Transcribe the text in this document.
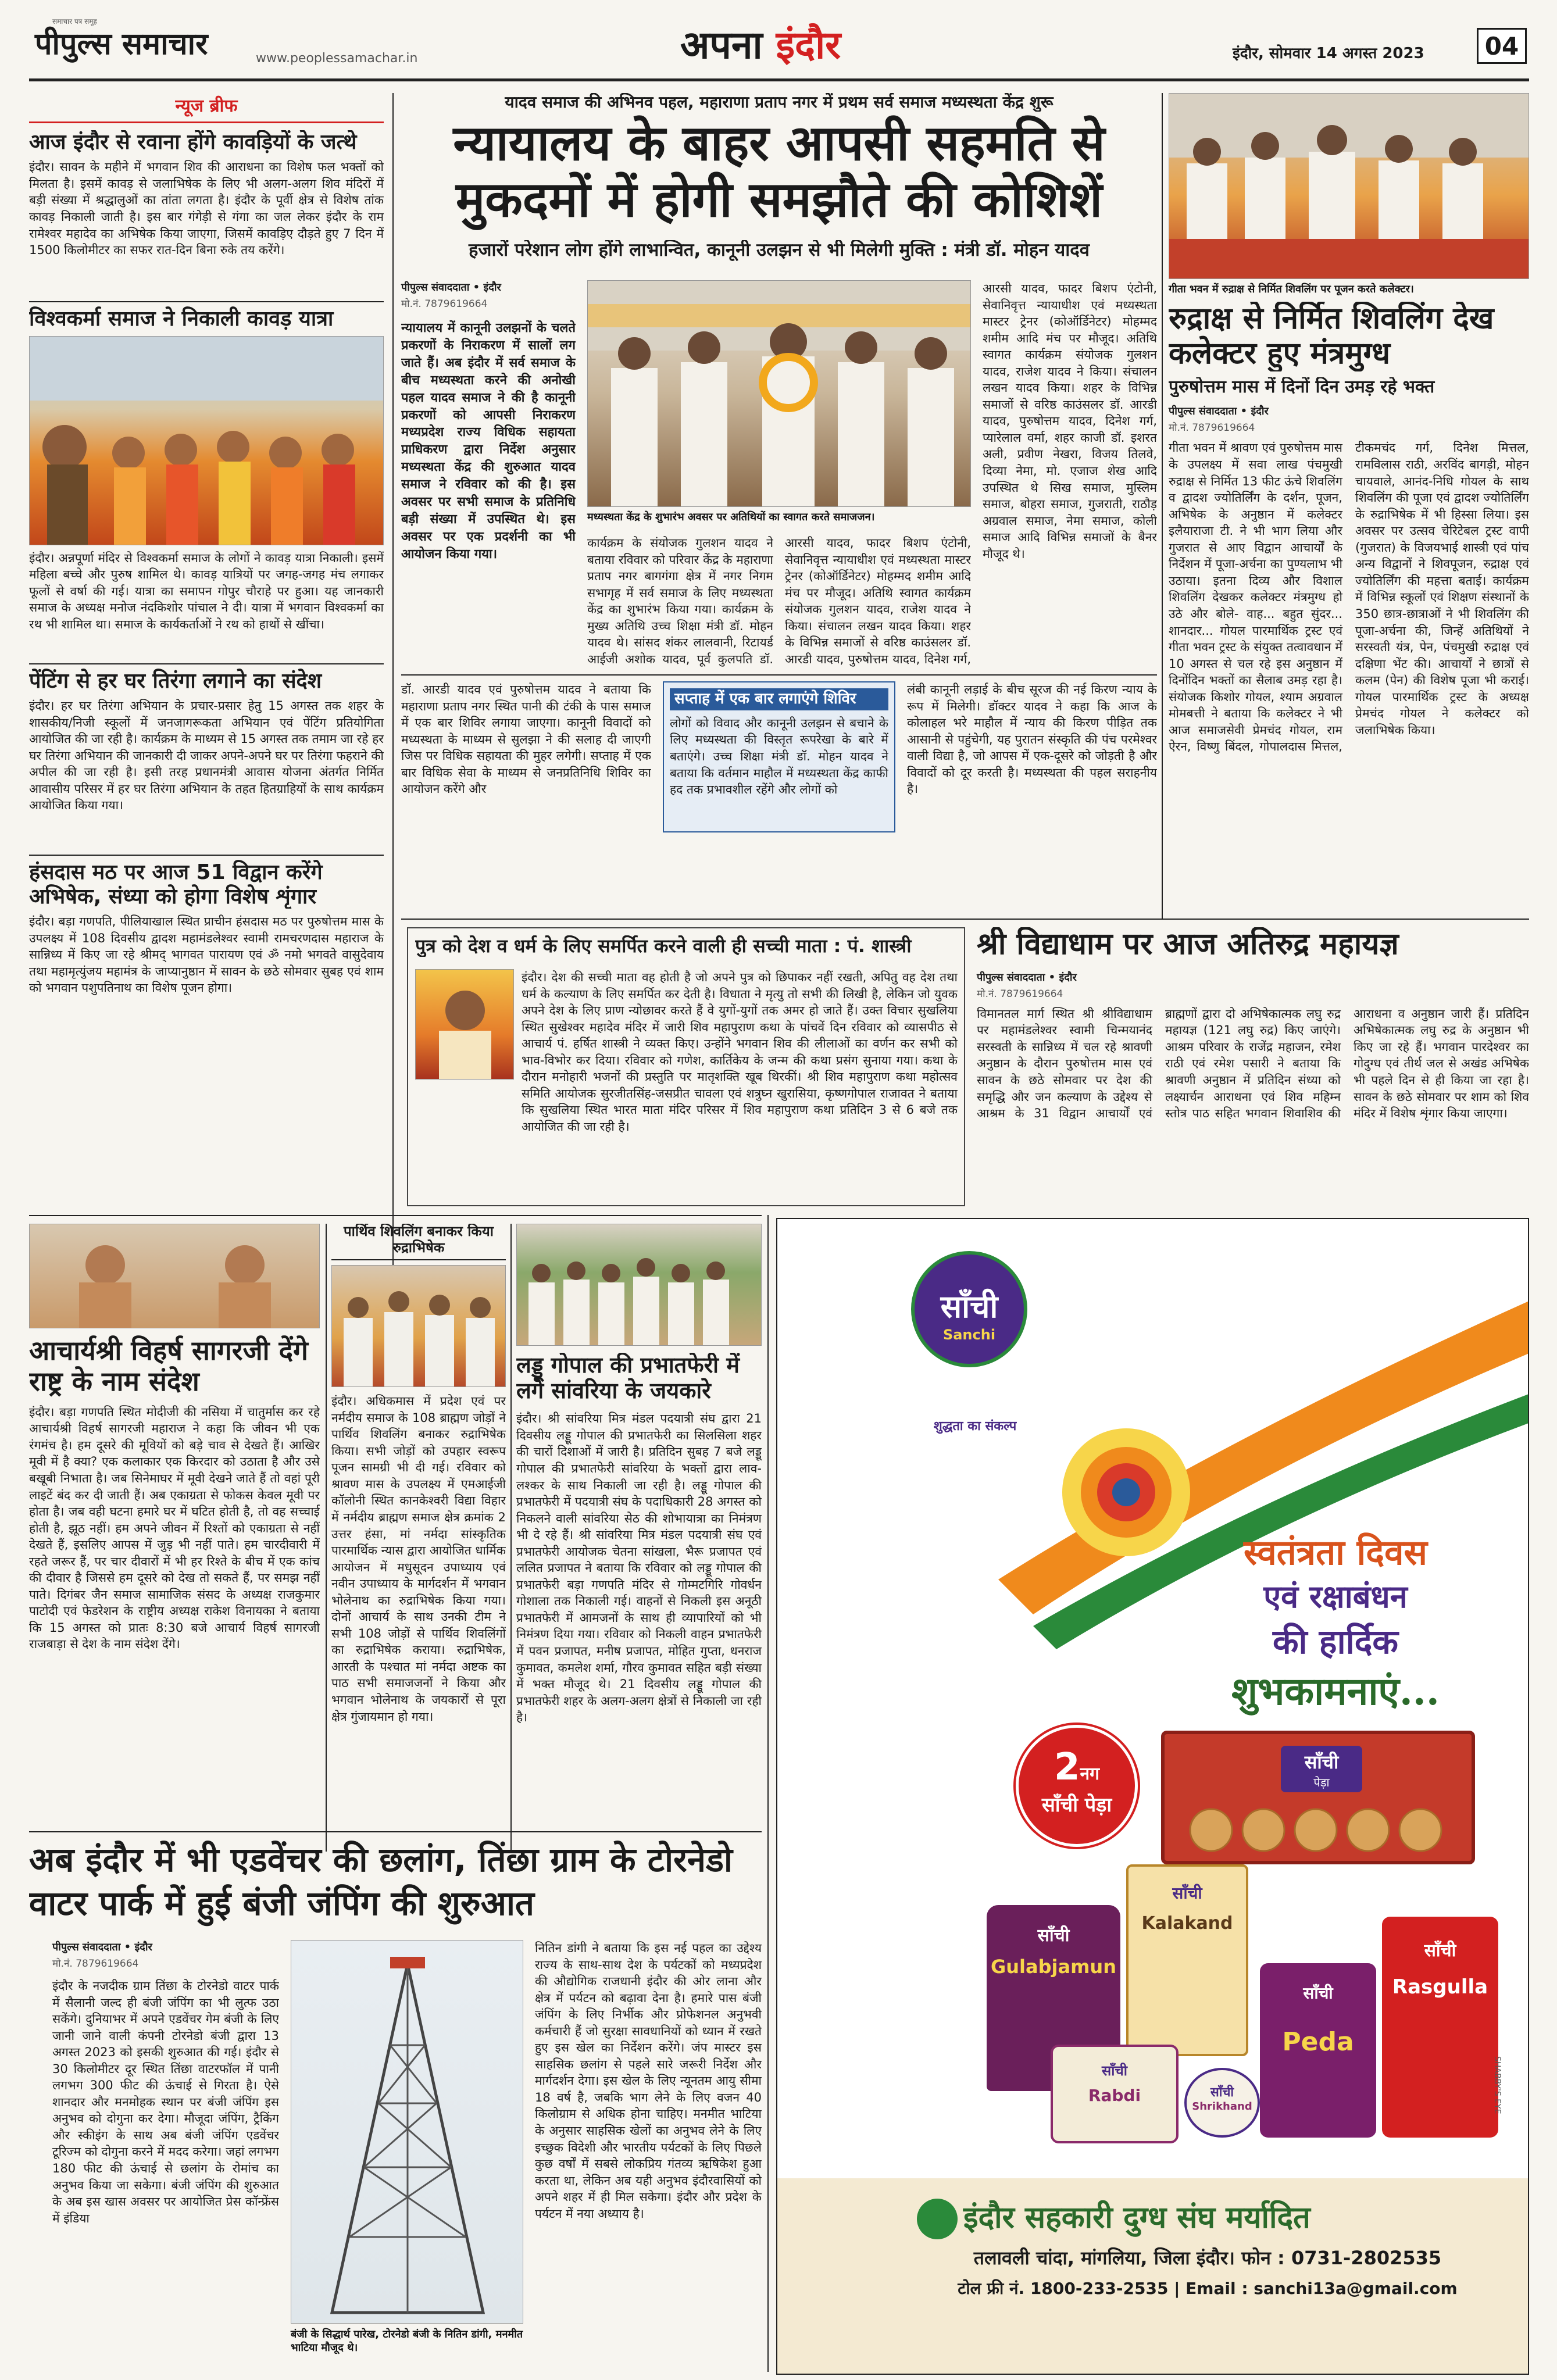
पीपुल्स समाचार
समाचार पत्र समूह
www.peoplessamachar.in	अपना इंदौर	इंदौर, सोमवार 14 अगस्त 2023	04
न्यूज ब्रीफ
आज इंदौर से रवाना होंगे कावड़ियों के जत्थे
इंदौर। सावन के महीने में भगवान शिव की आराधना का विशेष फल भक्तों को मिलता है। इसमें कावड़ से जलाभिषेक के लिए भी अलग-अलग शिव मंदिरों में बड़ी संख्या में श्रद्धालुओं का तांता लगता है। इंदौर के पूर्वी क्षेत्र से विशेष तांक कावड़ निकाली जाती है। इस बार गंगेड़ी से गंगा का जल लेकर इंदौर के राम रामेश्वर महादेव का अभिषेक किया जाएगा, जिसमें कावड़िए दौड़ते हुए 7 दिन में 1500 किलोमीटर का सफर रात-दिन बिना रुके तय करेंगे।
विश्वकर्मा समाज ने निकाली कावड़ यात्रा
इंदौर। अन्नपूर्णा मंदिर से विश्वकर्मा समाज के लोगों ने कावड़ यात्रा निकाली। इसमें महिला बच्चे और पुरुष शामिल थे। कावड़ यात्रियों पर जगह-जगह मंच लगाकर फूलों से वर्षा की गई। यात्रा का समापन गोपुर चौराहे पर हुआ। यह जानकारी समाज के अध्यक्ष मनोज नंदकिशोर पांचाल ने दी। यात्रा में भगवान विश्वकर्मा का रथ भी शामिल था। समाज के कार्यकर्ताओं ने रथ को हाथों से खींचा।
पेंटिंग से हर घर तिरंगा लगाने का संदेश
इंदौर। हर घर तिरंगा अभियान के प्रचार-प्रसार हेतु 15 अगस्त तक शहर के शासकीय/निजी स्कूलों में जनजागरूकता अभियान एवं पेंटिंग प्रतियोगिता आयोजित की जा रही है। कार्यक्रम के माध्यम से 15 अगस्त तक तमाम जा रहे हर घर तिरंगा अभियान की जानकारी दी जाकर अपने-अपने घर पर तिरंगा फहराने की अपील की जा रही है। इसी तरह प्रधानमंत्री आवास योजना अंतर्गत निर्मित आवासीय परिसर में हर घर तिरंगा अभियान के तहत हितग्राहियों के साथ कार्यक्रम आयोजित किया गया।
हंसदास मठ पर आज 51 विद्वान करेंगे अभिषेक, संध्या को होगा विशेष शृंगार
इंदौर। बड़ा गणपति, पीलियाखाल स्थित प्राचीन हंसदास मठ पर पुरुषोत्तम मास के उपलक्ष्य में 108 दिवसीय द्वादश महामंडलेश्वर स्वामी रामचरणदास महाराज के सान्निध्य में किए जा रहे श्रीमद् भागवत पारायण एवं ॐ नमो भगवते वासुदेवाय तथा महामृत्युंजय महामंत्र के जाप्यानुष्ठान में सावन के छठे सोमवार सुबह एवं शाम को भगवान पशुपतिनाथ का विशेष पूजन होगा।
यादव समाज की अभिनव पहल, महाराणा प्रताप नगर में प्रथम सर्व समाज मध्यस्थता केंद्र शुरू
न्यायालय के बाहर आपसी सहमति से मुकदमों में होगी समझौते की कोशिशें
हजारों परेशान लोग होंगे लाभान्वित, कानूनी उलझन से भी मिलेगी मुक्ति : मंत्री डॉ. मोहन यादव
पीपुल्स संवाददाता • इंदौर
मो.नं. 7879619664
न्यायालय में कानूनी उलझनों के चलते प्रकरणों के निराकरण में सालों लग जाते हैं। अब इंदौर में सर्व समाज के बीच मध्यस्थता करने की अनोखी पहल यादव समाज ने की है कानूनी प्रकरणों को आपसी निराकरण मध्यप्रदेश राज्य विधिक सहायता प्राधिकरण द्वारा निर्देश अनुसार मध्यस्थता केंद्र की शुरुआत यादव समाज ने रविवार को की है। इस अवसर पर सभी समाज के प्रतिनिधि बड़ी संख्या में उपस्थित थे। इस अवसर पर एक प्रदर्शनी का भी आयोजन किया गया।
मध्यस्थता केंद्र के शुभारंभ अवसर पर अतिथियों का स्वागत करते समाजजन।
कार्यक्रम के संयोजक गुलशन यादव ने बताया रविवार को परिवार केंद्र के महाराणा प्रताप नगर बागगंगा क्षेत्र में नगर निगम सभागृह में सर्व समाज के लिए मध्यस्थता केंद्र का शुभारंभ किया गया। कार्यक्रम के मुख्य अतिथि उच्च शिक्षा मंत्री डॉ. मोहन यादव थे। सांसद शंकर लालवानी, रिटायर्ड आईजी अशोक यादव, पूर्व कुलपति डॉ.
आरसी यादव, फादर बिशप एंटोनी, सेवानिवृत्त न्यायाधीश एवं मध्यस्थता मास्टर ट्रेनर (कोऑर्डिनेटर) मोहम्मद शमीम आदि मंच पर मौजूद। अतिथि स्वागत कार्यक्रम संयोजक गुलशन यादव, राजेश यादव ने किया। संचालन लखन यादव किया। शहर के विभिन्न समाजों से वरिष्ठ काउंसलर डॉ. आरडी यादव, पुरुषोत्तम यादव, दिनेश गर्ग,
आरसी यादव, फादर बिशप एंटोनी, सेवानिवृत्त न्यायाधीश एवं मध्यस्थता मास्टर ट्रेनर (कोऑर्डिनेटर) मोहम्मद शमीम आदि मंच पर मौजूद। अतिथि स्वागत कार्यक्रम संयोजक गुलशन यादव, राजेश यादव ने किया। संचालन लखन यादव किया। शहर के विभिन्न समाजों से वरिष्ठ काउंसलर डॉ. आरडी यादव, पुरुषोत्तम यादव, दिनेश गर्ग, प्यारेलाल वर्मा, शहर काजी डॉ. इशरत अली, प्रवीण नेखरा, विजय तिलवे, दिव्या नेमा, मो. एजाज शेख आदि उपस्थित थे सिख समाज, मुस्लिम समाज, बोहरा समाज, गुजराती, राठौड़ अग्रवाल समाज, नेमा समाज, कोली समाज आदि विभिन्न समाजों के बैनर मौजूद थे।
डॉ. आरडी यादव एवं पुरुषोत्तम यादव ने बताया कि महाराणा प्रताप नगर स्थित पानी की टंकी के पास समाज में एक बार शिविर लगाया जाएगा। कानूनी विवादों को मध्यस्थता के माध्यम से सुलझा ने की सलाह दी जाएगी जिस पर विधिक सहायता की मुहर लगेगी। सप्ताह में एक बार विधिक सेवा के माध्यम से जनप्रतिनिधि शिविर का आयोजन करेंगे और
सप्ताह में एक बार लगाएंगे शिविर
लोगों को विवाद और कानूनी उलझन से बचाने के लिए मध्यस्थता की विस्तृत रूपरेखा के बारे में बताएंगे। उच्च शिक्षा मंत्री डॉ. मोहन यादव ने बताया कि वर्तमान माहौल में मध्यस्थता केंद्र काफी हद तक प्रभावशील रहेंगे और लोगों को
लंबी कानूनी लड़ाई के बीच सूरज की नई किरण न्याय के रूप में मिलेगी। डॉक्टर यादव ने कहा कि आज के कोलाहल भरे माहौल में न्याय की किरण पीड़ित तक आसानी से पहुंचेगी, यह पुरातन संस्कृति की पंच परमेश्वर वाली विद्या है, जो आपस में एक-दूसरे को जोड़ती है और विवादों को दूर करती है। मध्यस्थता की पहल सराहनीय है।
गीता भवन में रुद्राक्ष से निर्मित शिवलिंग पर पूजन करते कलेक्टर।
रुद्राक्ष से निर्मित शिवलिंग देख कलेक्टर हुए मंत्रमुग्ध
पुरुषोत्तम मास में दिनों दिन उमड़ रहे भक्त
पीपुल्स संवाददाता • इंदौर
मो.नं. 7879619664
गीता भवन में श्रावण एवं पुरुषोत्तम मास के उपलक्ष्य में सवा लाख पंचमुखी रुद्राक्ष से निर्मित 13 फीट ऊंचे शिवलिंग व द्वादश ज्योतिर्लिंग के दर्शन, पूजन, अभिषेक के अनुष्ठान में कलेक्टर इलैयाराजा टी. ने भी भाग लिया और गुजरात से आए विद्वान आचार्यों के निर्देशन में पूजा-अर्चना का पुण्यलाभ भी उठाया। इतना दिव्य और विशाल शिवलिंग देखकर कलेक्टर मंत्रमुग्ध हो उठे और बोले- वाह... बहुत सुंदर... शानदार... गोयल पारमार्थिक ट्रस्ट एवं गीता भवन ट्रस्ट के संयुक्त तत्वावधान में 10 अगस्त से चल रहे इस अनुष्ठान में दिनोंदिन भक्तों का सैलाब उमड़ रहा है। संयोजक किशोर गोयल, श्याम अग्रवाल मोमबत्ती ने बताया कि कलेक्टर ने भी आज समाजसेवी प्रेमचंद गोयल, राम ऐरन, विष्णु बिंदल, गोपालदास मित्तल, टीकमचंद गर्ग, दिनेश मित्तल, रामविलास राठी, अरविंद बागड़ी, मोहन चायवाले, आनंद-निधि गोयल के साथ शिवलिंग की पूजा एवं द्वादश ज्योतिर्लिंग के रुद्राभिषेक में भी हिस्सा लिया। इस अवसर पर उत्सव चेरिटेबल ट्रस्ट वापी (गुजरात) के विजयभाई शास्त्री एवं पांच अन्य विद्वानों ने शिवपूजन, रुद्राक्ष एवं ज्योतिर्लिंग की महत्ता बताई। कार्यक्रम में विभिन्न स्कूलों एवं शिक्षण संस्थानों के 350 छात्र-छात्राओं ने भी शिवलिंग की पूजा-अर्चना की, जिन्हें अतिथियों ने सरस्वती यंत्र, पेन, पंचमुखी रुद्राक्ष एवं दक्षिणा भेंट की। आचार्यों ने छात्रों से कलम (पेन) की विशेष पूजा भी कराई। गोयल पारमार्थिक ट्रस्ट के अध्यक्ष प्रेमचंद गोयल ने कलेक्टर को जलाभिषेक किया।
पुत्र को देश व धर्म के लिए समर्पित करने वाली ही सच्ची माता : पं. शास्त्री
इंदौर। देश की सच्ची माता वह होती है जो अपने पुत्र को छिपाकर नहीं रखती, अपितु वह देश तथा धर्म के कल्याण के लिए समर्पित कर देती है। विधाता ने मृत्यु तो सभी की लिखी है, लेकिन जो युवक अपने देश के लिए प्राण न्योछावर करते हैं वे युगों-युगों तक अमर हो जाते हैं। उक्त विचार सुखलिया स्थित सुखेश्वर महादेव मंदिर में जारी शिव महापुराण कथा के पांचवें दिन रविवार को व्यासपीठ से आचार्य पं. हर्षित शास्त्री ने व्यक्त किए। उन्होंने भगवान शिव की लीलाओं का वर्णन कर सभी को भाव-विभोर कर दिया। रविवार को गणेश, कार्तिकेय के जन्म की कथा प्रसंग सुनाया गया। कथा के दौरान मनोहारी भजनों की प्रस्तुति पर मातृशक्ति खूब थिरकीं। श्री शिव महापुराण कथा महोत्सव समिति आयोजक सुरजीतसिंह-जसप्रीत चावला एवं शत्रुघ्न खुरासिया, कृष्णगोपाल राजावत ने बताया कि सुखलिया स्थित भारत माता मंदिर परिसर में शिव महापुराण कथा प्रतिदिन 3 से 6 बजे तक आयोजित की जा रही है।
श्री विद्याधाम पर आज अतिरुद्र महायज्ञ
पीपुल्स संवाददाता • इंदौर
मो.नं. 7879619664
विमानतल मार्ग स्थित श्री श्रीविद्याधाम पर महामंडलेश्वर स्वामी चिन्मयानंद सरस्वती के सान्निध्य में चल रहे श्रावणी अनुष्ठान के दौरान पुरुषोत्तम मास एवं सावन के छठे सोमवार पर देश की समृद्धि और जन कल्याण के उद्देश्य से आश्रम के 31 विद्वान आचार्यों एवं ब्राह्मणों द्वारा दो अभिषेकात्मक लघु रुद्र महायज्ञ (121 लघु रुद्र) किए जाएंगे। आश्रम परिवार के राजेंद्र महाजन, रमेश राठी एवं रमेश पसारी ने बताया कि श्रावणी अनुष्ठान में प्रतिदिन संध्या को लक्ष्यार्चन आराधना एवं शिव महिम्न स्तोत्र पाठ सहित भगवान शिवाशिव की आराधना व अनुष्ठान जारी हैं। प्रतिदिन अभिषेकात्मक लघु रुद्र के अनुष्ठान भी किए जा रहे हैं। भगवान पारदेश्वर का गोदुग्ध एवं तीर्थ जल से अखंड अभिषेक भी पहले दिन से ही किया जा रहा है। सावन के छठे सोमवार पर शाम को शिव मंदिर में विशेष शृंगार किया जाएगा।
आचार्यश्री विहर्ष सागरजी देंगे राष्ट्र के नाम संदेश
इंदौर। बड़ा गणपति स्थित मोदीजी की नसिया में चातुर्मास कर रहे आचार्यश्री विहर्ष सागरजी महाराज ने कहा कि जीवन भी एक रंगमंच है। हम दूसरे की मूवियों को बड़े चाव से देखते हैं। आखिर मूवी में है क्या? एक कलाकार एक किरदार को उठाता है और उसे बखूबी निभाता है। जब सिनेमाघर में मूवी देखने जाते हैं तो वहां पूरी लाइटें बंद कर दी जाती हैं। अब एकाग्रता से फोकस केवल मूवी पर होता है। जब वही घटना हमारे घर में घटित होती है, तो वह सच्चाई होती है, झूठ नहीं। हम अपने जीवन में रिश्तों को एकाग्रता से नहीं देखते हैं, इसलिए आपस में जुड़ भी नहीं पाते। हम चारदीवारी में रहते जरूर हैं, पर चार दीवारों में भी हर रिश्ते के बीच में एक कांच की दीवार है जिससे हम दूसरे को देख तो सकते हैं, पर समझ नहीं पाते। दिगंबर जैन समाज सामाजिक संसद के अध्यक्ष राजकुमार पाटोदी एवं फेडरेशन के राष्ट्रीय अध्यक्ष राकेश विनायका ने बताया कि 15 अगस्त को प्रातः 8:30 बजे आचार्य विहर्ष सागरजी राजबाड़ा से देश के नाम संदेश देंगे।
पार्थिव शिवलिंग बनाकर किया रुद्राभिषेक
इंदौर। अधिकमास में प्रदेश एवं पर नर्मदीय समाज के 108 ब्राह्मण जोड़ों ने पार्थिव शिवलिंग बनाकर रुद्राभिषेक किया। सभी जोड़ों को उपहार स्वरूप पूजन सामग्री भी दी गई। रविवार को श्रावण मास के उपलक्ष्य में एमआईजी कॉलोनी स्थित कानकेश्वरी विद्या विहार में नर्मदीय ब्राह्मण समाज क्षेत्र क्रमांक 2 उत्तर हंसा, मां नर्मदा सांस्कृतिक पारमार्थिक न्यास द्वारा आयोजित धार्मिक आयोजन में मधुसूदन उपाध्याय एवं नवीन उपाध्याय के मार्गदर्शन में भगवान भोलेनाथ का रुद्राभिषेक किया गया। दोनों आचार्य के साथ उनकी टीम ने सभी 108 जोड़ों से पार्थिव शिवलिंगों का रुद्राभिषेक कराया। रुद्राभिषेक, आरती के पश्चात मां नर्मदा अष्टक का पाठ सभी समाजजनों ने किया और भगवान भोलेनाथ के जयकारों से पूरा क्षेत्र गुंजायमान हो गया।
लड्डू गोपाल की प्रभातफेरी में लगे सांवरिया के जयकारे
इंदौर। श्री सांवरिया मित्र मंडल पदयात्री संघ द्वारा 21 दिवसीय लड्डू गोपाल की प्रभातफेरी का सिलसिला शहर की चारों दिशाओं में जारी है। प्रतिदिन सुबह 7 बजे लड्डू गोपाल की प्रभातफेरी सांवरिया के भक्तों द्वारा लाव-लश्कर के साथ निकाली जा रही है। लड्डू गोपाल की प्रभातफेरी में पदयात्री संघ के पदाधिकारी 28 अगस्त को निकलने वाली सांवरिया सेठ की शोभायात्रा का निमंत्रण भी दे रहे हैं। श्री सांवरिया मित्र मंडल पदयात्री संघ एवं प्रभातफेरी आयोजक चेतना सांखला, भैरू प्रजापत एवं ललित प्रजापत ने बताया कि रविवार को लड्डू गोपाल की प्रभातफेरी बड़ा गणपति मंदिर से गोम्मटगिरि गोवर्धन गोशाला तक निकाली गई। वाहनों से निकली इस अनूठी प्रभातफेरी में आमजनों के साथ ही व्यापारियों को भी निमंत्रण दिया गया। रविवार को निकली वाहन प्रभातफेरी में पवन प्रजापत, मनीष प्रजापत, मोहित गुप्ता, धनराज कुमावत, कमलेश शर्मा, गौरव कुमावत सहित बड़ी संख्या में भक्त मौजूद थे। 21 दिवसीय लड्डू गोपाल की प्रभातफेरी शहर के अलग-अलग क्षेत्रों से निकाली जा रही है।
अब इंदौर में भी एडवेंचर की छलांग, तिंछा ग्राम के टोरनेडो वाटर पार्क में हुई बंजी जंपिंग की शुरुआत
पीपुल्स संवाददाता • इंदौर
मो.नं. 7879619664
इंदौर के नजदीक ग्राम तिंछा के टोरनेडो वाटर पार्क में सैलानी जल्द ही बंजी जंपिंग का भी लुत्फ उठा सकेंगे। दुनियाभर में अपने एडवेंचर गेम बंजी के लिए जानी जाने वाली कंपनी टोरनेडो बंजी द्वारा 13 अगस्त 2023 को इसकी शुरुआत की गई। इंदौर से 30 किलोमीटर दूर स्थित तिंछा वाटरफॉल में पानी लगभग 300 फीट की ऊंचाई से गिरता है। ऐसे शानदार और मनमोहक स्थान पर बंजी जंपिंग इस अनुभव को दोगुना कर देगा। मौजूदा जंपिंग, ट्रैकिंग और स्कीइंग के साथ अब बंजी जंपिंग एडवेंचर टूरिज्म को दोगुना करने में मदद करेगा। जहां लगभग 180 फीट की ऊंचाई से छलांग के रोमांच का अनुभव किया जा सकेगा। बंजी जंपिंग की शुरुआत के अब इस खास अवसर पर आयोजित प्रेस कॉन्फ्रेंस में इंडिया
बंजी के सिद्धार्थ पारेख, टोरनेडो बंजी के नितिन डांगी, मनमीत भाटिया मौजूद थे।
नितिन डांगी ने बताया कि इस नई पहल का उद्देश्य राज्य के साथ-साथ देश के पर्यटकों को मध्यप्रदेश की औद्योगिक राजधानी इंदौर की ओर लाना और क्षेत्र में पर्यटन को बढ़ावा देना है। हमारे पास बंजी जंपिंग के लिए निर्भीक और प्रोफेशनल अनुभवी कर्मचारी हैं जो सुरक्षा सावधानियों को ध्यान में रखते हुए इस खेल का निर्देशन करेंगे। जंप मास्टर इस साहसिक छलांग से पहले सारे जरूरी निर्देश और मार्गदर्शन देगा। इस खेल के लिए न्यूनतम आयु सीमा 18 वर्ष है, जबकि भाग लेने के लिए वजन 40 किलोग्राम से अधिक होना चाहिए। मनमीत भाटिया के अनुसार साहसिक खेलों का अनुभव लेने के लिए इच्छुक विदेशी और भारतीय पर्यटकों के लिए पिछले कुछ वर्षों में सबसे लोकप्रिय गंतव्य ऋषिकेश हुआ करता था, लेकिन अब यही अनुभव इंदौरवासियों को अपने शहर में ही मिल सकेगा। इंदौर और प्रदेश के पर्यटन में नया अध्याय है।
साँची
Sanchi
शुद्धता का संकल्प
स्वतंत्रता दिवस
एवं रक्षाबंधन
की हार्दिक
शुभकामनाएं...
2नग
साँची पेड़ा
साँची
पेड़ा
साँची
Gulabjamun
साँची
Kalakand
साँची
Rabdi
साँची
Peda
साँची
Rasgulla
साँची
Shrikhand	SHABBY'S EYE
इंदौर सहकारी दुग्ध संघ मर्यादित
तलावली चांदा, मांगलिया, जिला इंदौर। फोन : 0731-2802535
टोल फ्री नं. 1800-233-2535 | Email : sanchi13a@gmail.com
